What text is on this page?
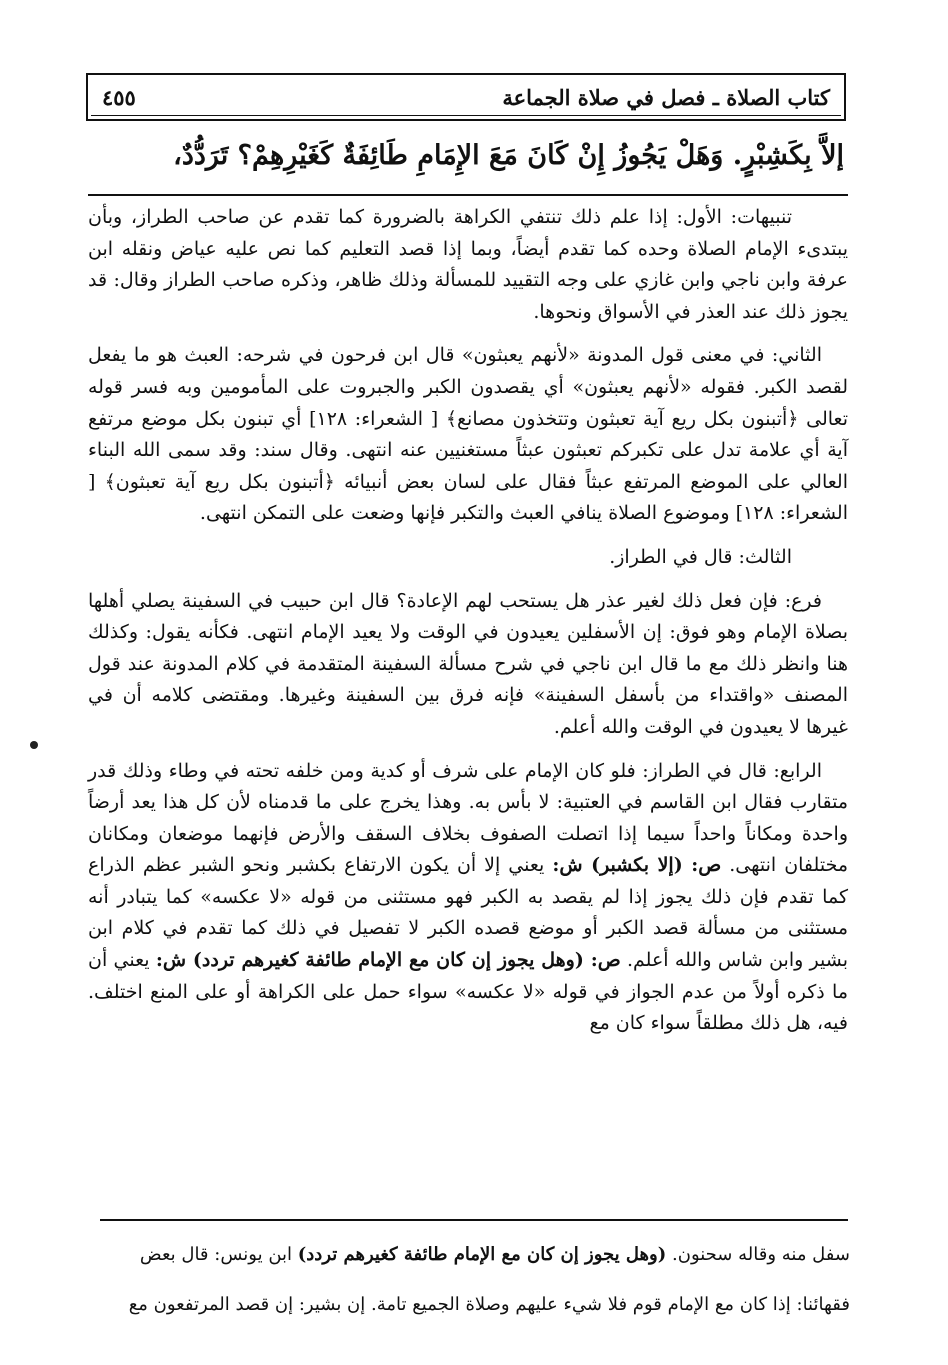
كتاب الصلاة ـ فصل في صلاة الجماعة
٤٥٥
إلاَّ بِكَشِبْرٍ. وَهَلْ يَجُوزُ إِنْ كَانَ مَعَ الإِمَامِ طَائِفَةٌ كَغَيْرِهِمْ؟ تَرَدُّدٌ،

تنبيهات: الأول: إذا علم ذلك تنتفي الكراهة بالضرورة كما تقدم عن صاحب الطراز، وبأن يبتدىء الإمام الصلاة وحده كما تقدم أيضاً، وبما إذا قصد التعليم كما نص عليه عياض ونقله ابن عرفة وابن ناجي وابن غازي على وجه التقييد للمسألة وذلك ظاهر، وذكره صاحب الطراز وقال: قد يجوز ذلك عند العذر في الأسواق ونحوها.

الثاني: في معنى قول المدونة «لأنهم يعبثون» قال ابن فرحون في شرحه: العبث هو ما يفعل لقصد الكبر. فقوله «لأنهم يعبثون» أي يقصدون الكبر والجبروت على المأمومين وبه فسر قوله تعالى ﴿أتبنون بكل ريع آية تعبثون وتتخذون مصانع﴾ [ الشعراء: ١٢٨] أي تبنون بكل موضع مرتفع آية أي علامة تدل على تكبركم تعبثون عبثاً مستغنيين عنه انتهى. وقال سند: وقد سمى الله البناء العالي على الموضع المرتفع عبثاً فقال على لسان بعض أنبيائه ﴿أتبنون بكل ريع آية تعبثون﴾ [ الشعراء: ١٢٨] وموضوع الصلاة ينافي العبث والتكبر فإنها وضعت على التمكن انتهى.

الثالث: قال في الطراز.

فرع: فإن فعل ذلك لغير عذر هل يستحب لهم الإعادة؟ قال ابن حبيب في السفينة يصلي أهلها بصلاة الإمام وهو فوق: إن الأسفلين يعيدون في الوقت ولا يعيد الإمام انتهى. فكأنه يقول: وكذلك هنا وانظر ذلك مع ما قال ابن ناجي في شرح مسألة السفينة المتقدمة في كلام المدونة عند قول المصنف «واقتداء من بأسفل السفينة» فإنه فرق بين السفينة وغيرها. ومقتضى كلامه أن في غيرها لا يعيدون في الوقت والله أعلم.

الرابع: قال في الطراز: فلو كان الإمام على شرف أو كدية ومن خلفه تحته في وطاء وذلك قدر متقارب فقال ابن القاسم في العتبية: لا بأس به. وهذا يخرج على ما قدمناه لأن كل هذا يعد أرضاً واحدة ومكاناً واحداً سيما إذا اتصلت الصفوف بخلاف السقف والأرض فإنهما موضعان ومكانان مختلفان انتهى. ص: (إلا بكشبر) ش: يعني إلا أن يكون الارتفاع بكشبر ونحو الشبر عظم الذراع كما تقدم فإن ذلك يجوز إذا لم يقصد به الكبر فهو مستثنى من قوله «لا عكسه» كما يتبادر أنه مستثنى من مسألة قصد الكبر أو موضع قصده الكبر لا تفصيل في ذلك كما تقدم في كلام ابن بشير وابن شاس والله أعلم. ص: (وهل يجوز إن كان مع الإمام طائفة كغيرهم تردد) ش: يعني أن ما ذكره أولاً من عدم الجواز في قوله «لا عكسه» سواء حمل على الكراهة أو على المنع اختلف. فيه، هل ذلك مطلقاً سواء كان مع

سفل منه وقاله سحنون. (وهل يجوز إن كان مع الإمام طائفة كغيرهم تردد) ابن يونس: قال بعض

فقهائنا: إذا كان مع الإمام قوم فلا شيء عليهم وصلاة الجميع تامة. إن بشير: إن قصد المرتفعون مع
